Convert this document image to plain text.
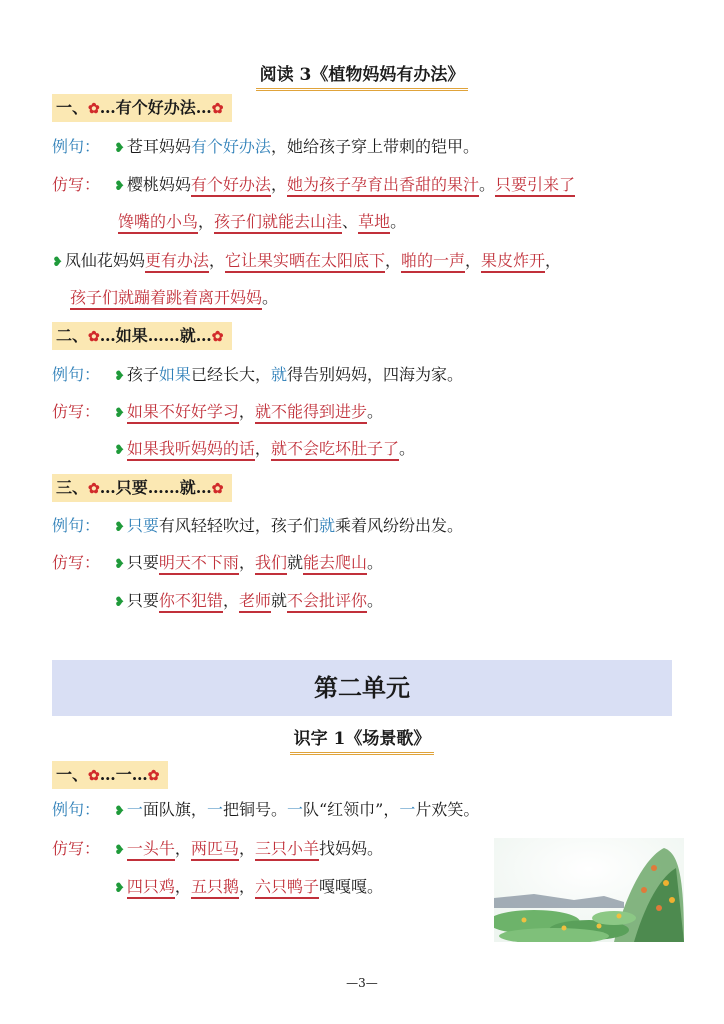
阅读 3《植物妈妈有办法》
一、✿…有个好办法…✿
例句： ❥ 苍耳妈妈有个好办法，她给孩子穿上带刺的铠甲。
仿写： ❥ 樱桃妈妈有个好办法，她为孩子孕育出香甜的果汁。只要引来了
馋嘴的小鸟，孩子们就能去山洼、草地。
❥ 凤仙花妈妈更有办法，它让果实晒在太阳底下，啪的一声，果皮炸开，
孩子们就蹦着跳着离开妈妈。
二、✿…如果……就…✿
例句： ❥ 孩子如果已经长大，就得告别妈妈，四海为家。
仿写： ❥ 如果不好好学习，就不能得到进步。
❥ 如果我听妈妈的话，就不会吃坏肚子了。
三、✿…只要……就…✿
例句： ❥ 只要有风轻轻吹过，孩子们就乘着风纷纷出发。
仿写： ❥ 只要明天不下雨，我们就能去爬山。
❥ 只要你不犯错，老师就不会批评你。
第二单元
识字 1《场景歌》
一、✿…一…✿
例句： ❥ 一面队旗，一把铜号。一队“红领巾”，一片欢笑。
仿写： ❥ 一头牛，两匹马，三只小羊找妈妈。
❥ 四只鸡，五只鹅，六只鸭子嘎嘎嘎。
—3—
